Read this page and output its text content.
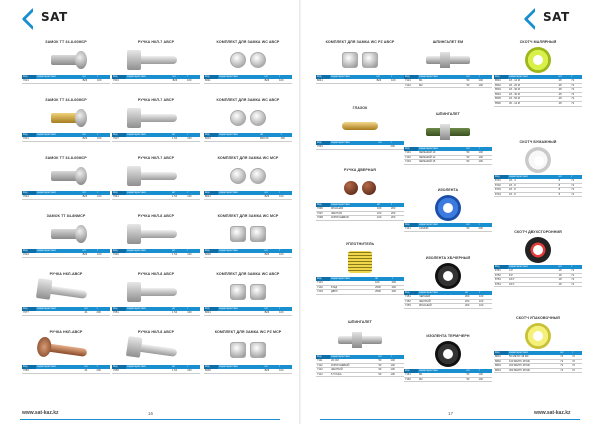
SAT	SAT
ЗАМОК ТТ 34-8-60MCP
Код	характеристики	шт	т
7021		B26	100
ЗАМОК ТТ 34-8-60MCP
Код	характеристики	шт	т
7021		B26	100
ЗАМОК ТТ 34-8-60MCP
Код	характеристики	шт	т
7024		B26	100
ЗАМОК ТТ 84-8NMCP
Код	характеристики	шт	т
7024		B26	100
РУЧКА НКЛ-АВСР
Код	характеристики	шт	т
7077		24	200
РУЧКА НКЛ-АВСР
Код	характеристики	шт	т
7083		24	200
РУЧКА НКЛ-7 ABCP
Код	характеристики	шт	т
7031		B26	100
РУЧКА НКЛ-7 ABCP
Код	характеристики	шт	т
7037		1 54	100
РУЧКА НКЛ-7 ABCP
Код	характеристики	шт	т
7041		1 54	100
РУЧКА НКЛ-8 ABCP
Код	характеристики	шт	т
7046		1 54	100
РУЧКА НКЛ-8 ABCP
Код	характеристики	шт	т
7051		1 54	100
РУЧКА НКЛ-8 ABCP
Код	характеристики	шт	т
7056		1 54	100
КОМПЛЕКТ ДЛЯ ЗАМКА WC ABCP
Код	характеристики	шт	т
8011		B26	100
КОМПЛЕКТ ДЛЯ ЗАМКА WC ABCP
Код	характеристики	шт	т
8016		B26 50	100
КОМПЛЕКТ ДЛЯ ЗАМКА WC MCP
Код	характеристики	шт	т
8021		B26	100
КОМПЛЕКТ ДЛЯ ЗАМКА WC MCP
Код	характеристики	шт	т
8026		B26	100
КОМПЛЕКТ ДЛЯ ЗАМКА WC ABCP
Код	характеристики	шт	т
8031		B26	100
КОМПЛЕКТ ДЛЯ ЗАМКА WC PZ MCP
Код	характеристики	шт	т
8036		B26	100
КОМПЛЕКТ ДЛЯ ЗАМКА WC PZ ABCP
Код	характеристики	шт	т
8041		B26	100
ГЛАЗОК
Код	характеристики	шт	т
7091			200
РУЧКА ДВЕРНАЯ
Код	характеристики	шт	т
7096	КРАСНАЯ	100	200
7097	ЖЕЛТАЯ	100	200
7098	КОРИЧНЕВАЯ	100	200
УПЛОТНИТЕЛЬ
Код	характеристики	шт	т
7101		100	200
7102	8 МД	2500	200
7103	ДВУХ	2500	200
ШПИНГАЛЕТ
Код	характеристики	шт	т
7111	20 СМ	50	100
7112	КОРИЧНЕВЫЙ	50	100
7113	ЖЕЛТЫЙ	50	100
7114	5 ТОЧКА	50	100
ШПИНГАЛЕТ ЕМ
Код	характеристики	шт	т
7121	M1	50	100
7122	M2	50	100
ШПИНГАЛЕТ
Код	характеристики	шт	т
7131	ЗЕЛЕНЫЙ 10	50	100
7132	ЗЕЛЕНЫЙ 12	50	100
7133	ЗЕЛЕНЫЙ 15	50	100
ИЗОЛЕНТА
Код	характеристики	шт	т
7141	СИНИЙ	50	200
ИЗОЛЕНТА ХБ/ЧЕРНЫЙ
Код	характеристики	шт	т
7151	ЧЕРНЫЙ	200	100
7152	ЖЕЛТЫЙ	200	100
7153	КРАСНЫЙ	200	100
ИЗОЛЕНТА ТЕРМ/ЧЕРН
Код	характеристики	шт	т
7161	M1	50	100
7162	M2	50	100
СКОТЧ МАЛЯРНЫЙ
Код	характеристики	шт	т
8501	18 - 14 М	48	72
8502	18 - 20 М	48	72
8503	18 - 30 М	48	72
8504	18 - 40 М	48	72
8505	18 - 50 М	48	72
8506	36 - 14 М	48	72
СКОТЧ БУМАЖНЫЙ
Код	характеристики	шт	т
8701	18 - 4	8	72
8702	18 - 8	8	72
8703	18 - 8	8	72
8704	18 - 8	8	72
СКОТЧ ДВУХСТОРОННИЙ
Код	характеристики	шт	т
8751	4 Р	18	72
8752	8 Р	18	72
8753	18 Р	18	72
8754	18 Р	18	72
СКОТЧ УПАКОВОЧНЫЙ
Код	характеристики	шт	т
8801	50 МЕТР/ 48 МК	72	72
8802	100 МЕТР/ 48 МК	72	72
8803	200 МЕТР/ 48 МК	72	72
8804	300 МЕТР/ 48 МК	72	72
www.sat-kaz.kz	16	17	www.sat-kaz.kz
